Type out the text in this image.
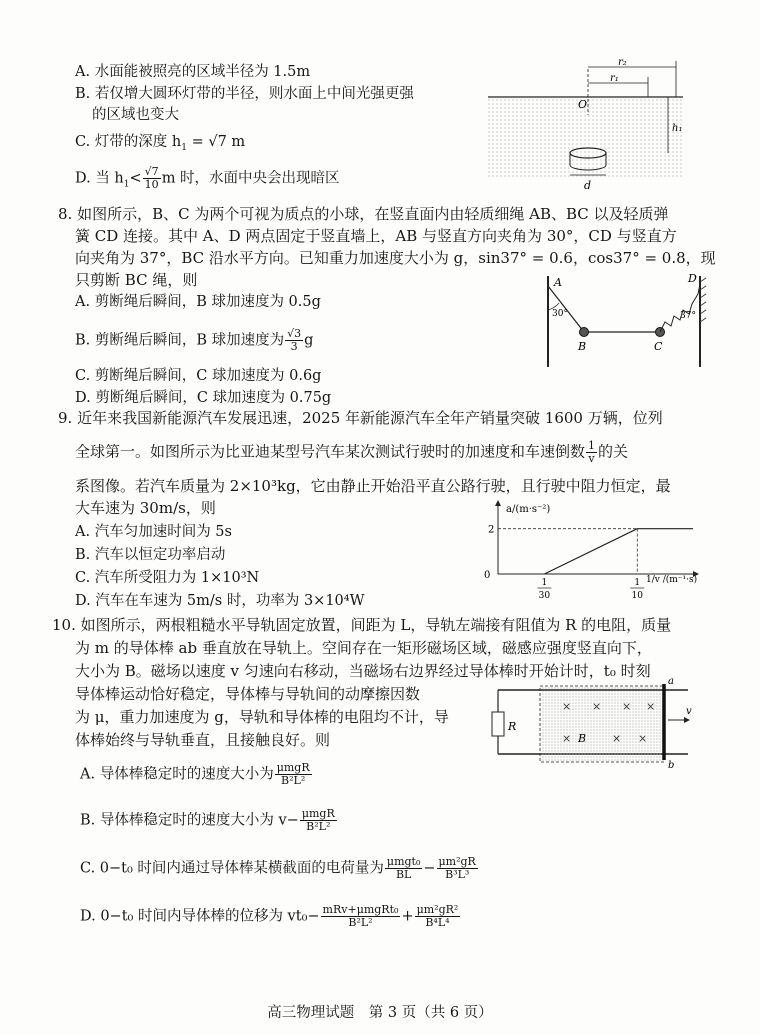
A. 水面能被照亮的区域半径为 1.5m
B. 若仅增大圆环灯带的半径，则水面上中间光强更强
的区域也变大
C. 灯带的深度 $h_1 = √7$ m
D. 当 $h_1< \frac{√7}{10}$ m 时，水面中央会出现暗区
r₂
r₁
O
h₁
d
8. 如图所示，B、C 为两个可视为质点的小球，在竖直面内由轻质细绳 AB、BC 以及轻质弹
簧 CD 连接。其中 A、D 两点固定于竖直墙上，AB 与竖直方向夹角为 30°，CD 与竖直方
向夹角为 37°，BC 沿水平方向。已知重力加速度大小为 g，sin37° = 0.6，cos37° = 0.8，现
只剪断 BC 绳，则
A. 剪断绳后瞬间，B 球加速度为 0.5g
B. 剪断绳后瞬间，B 球加速度为 $\frac{√3}{3}$ g
C. 剪断绳后瞬间，C 球加速度为 0.6g
D. 剪断绳后瞬间，C 球加速度为 0.75g
30°
A
B	C
D
37°
9. 近年来我国新能源汽车发展迅速，2025 年新能源汽车全年产销量突破 1600 万辆，位列
全球第一。如图所示为比亚迪某型号汽车某次测试行驶时的加速度和车速倒数 $\frac{1}{v}$ 的关
系图像。若汽车质量为 2×10³kg，它由静止开始沿平直公路行驶，且行驶中阻力恒定，最
大车速为 30m/s，则
A. 汽车匀加速时间为 5s
B. 汽车以恒定功率启动
C. 汽车所受阻力为 1×10³N
D. 汽车在车速为 5m/s 时，功率为 3×10⁴W
a/(m·s⁻²)
0	1/v /(m⁻¹·s)
2
1
30
1
10
10. 如图所示，两根粗糙水平导轨固定放置，间距为 L，导轨左端接有阻值为 R 的电阻，质量
为 m 的导体棒 ab 垂直放在导轨上。空间存在一矩形磁场区域，磁感应强度竖直向下，
大小为 B。磁场以速度 v 匀速向右移动，当磁场右边界经过导体棒时开始计时，t₀ 时刻
导体棒运动恰好稳定，导体棒与导轨间的动摩擦因数
为 μ，重力加速度为 g，导轨和导体棒的电阻均不计，导
体棒始终与导轨垂直，且接触良好。则
A. 导体棒稳定时的速度大小为 $\frac{\text{μmgR}}{\text{B²L²}}$
B. 导体棒稳定时的速度大小为 $v- \frac{\text{μmgR}}{\text{B²L²}}$
C. 0−t₀ 时间内通过导体棒某横截面的电荷量为 $\frac{\text{μmgt₀}}{BL} - \frac{\text{μm²gR}}{\text{B³L³}}$
D. 0−t₀ 时间内导体棒的位移为 $vt_0- \frac{\text{mRv+μmgRt₀}}{\text{B²L²}} + \frac{\text{μm²gR²}}{\text{B⁴L⁴}}$
R
× × × ×
×	× ×
B
a
b
v
高三物理试题　第 3 页（共 6 页）
